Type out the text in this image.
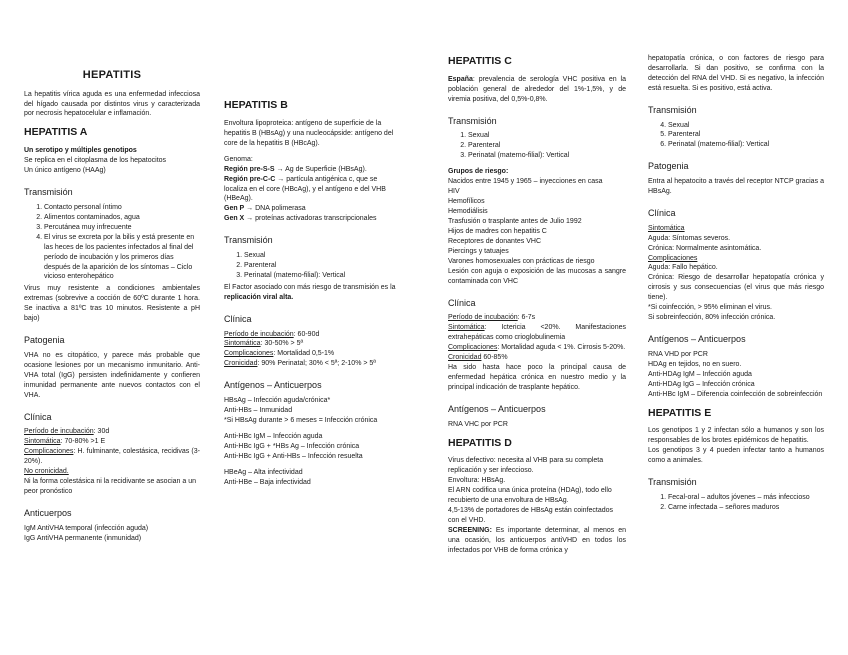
HEPATITIS

La hepatitis vírica aguda es una enfermedad infecciosa del hígado causada por distintos virus y caracterizada por necrosis hepatocelular e inflamación.

HEPATITIS A

Un serotipo y múltiples genotipos

Se replica en el citoplasma de los hepatocitos

Un único antígeno (HAAg)

Transmisión
1. Contacto personal íntimo
2. Alimentos contaminados, agua
3. Percutánea muy infrecuente
4. El virus se excreta por la bilis y está presente en las heces de los pacientes infectados al final del período de incubación y los primeros días después de la aparición de los síntomas – Ciclo vicioso enterohepático

Virus muy resistente a condiciones ambientales extremas (sobrevive a cocción de 60ºC durante 1 hora. Se inactiva a 81ºC tras 10 minutos. Resistente a pH bajo)

Patogenia

VHA no es citopático, y parece más probable que ocasione lesiones por un mecanismo inmunitario. Anti-VHA total (IgG) persisten indefinidamente y confieren inmunidad permanente ante nuevos contactos con el VHA.

Clínica

Período de incubación: 30d

Sintomática: 70-80% >1 E

Complicaciones: H. fulminante, colestásica, recidivas (3-20%).

No cronicidad.

Ni la forma colestásica ni la recidivante se asocian a un peor pronóstico

Anticuerpos

IgM AntiVHA temporal (infección aguda)

IgG AntiVHA permanente (inmunidad)

HEPATITIS B

Envoltura lipoproteica: antígeno de superficie de la hepatitis B (HBsAg) y una nucleocápside: antígeno del core de la hepatitis B (HBcAg).

Genoma:

Región pre-S-S → Ag de Superficie (HBsAg).

Región pre-C-C → partícula antigénica c, que se localiza en el core (HBcAg), y el antígeno e del VHB (HBeAg).

Gen P → DNA polimerasa

Gen X → proteínas activadoras transcripcionales

Transmisión
1. Sexual
2. Parenteral
3. Perinatal (materno-filial): Vertical

El Factor asociado con más riesgo de transmisión es la replicación viral alta.

Clínica

Período de incubación: 60-90d

Sintomática: 30-50% > 5ª

Complicaciones: Mortalidad 0,5-1%

Cronicidad: 90% Perinatal; 30% < 5ª; 2-10% > 5ª

Antígenos – Anticuerpos

HBsAg – Infección aguda/crónica*

Anti-HBs – Inmunidad

*Si HBsAg durante > 6 meses = Infección crónica

Anti-HBc IgM – Infección aguda

Anti-HBc IgG + *HBs Ag – Infección crónica

Anti-HBc IgG + Anti-HBs – Infección resuelta

HBeAg – Alta infectividad

Anti-HBe – Baja infectividad

HEPATITIS C

España: prevalencia de serología VHC positiva en la población general de alrededor del 1%-1,5%, y de viremia positiva, del 0,5%-0,8%.

Transmisión
1. Sexual
2. Parenteral
3. Perinatal (materno-filial): Vertical

Grupos de riesgo:

Nacidos entre 1945 y 1965 – inyecciones en casa

HIV

Hemofílicos

Hemodiálisis

Trasfusión o trasplante antes de Julio 1992

Hijos de madres con hepatitis C

Receptores de donantes VHC

Piercings y tatuajes

Varones homosexuales con prácticas de riesgo

Lesión con aguja o exposición de las mucosas a sangre contaminada con VHC

Clínica

Período de incubación: 6-7s

Sintomática: Ictericia <20%. Manifestaciones extrahepáticas como crioglobulinemia

Complicaciones: Mortalidad aguda < 1%. Cirrosis 5-20%.

Cronicidad 60-85%

Ha sido hasta hace poco la principal causa de enfermedad hepática crónica en nuestro medio y la principal indicación de trasplante hepático.

Antígenos – Anticuerpos

RNA VHC por PCR

HEPATITIS D

Virus defectivo: necesita al VHB para su completa replicación y ser infeccioso.

Envoltura: HBsAg.

El ARN codifica una única proteína (HDAg), todo ello recubierto de una envoltura de HBsAg.

4,5-13% de portadores de HBsAg están coinfectados con el VHD.

SCREENING: Es importante determinar, al menos en una ocasión, los anticuerpos antiVHD en todos los infectados por VHB de forma crónica y

hepatopatía crónica, o con factores de riesgo para desarrollarla. Si dan positivo, se confirma con la detección del RNA del VHD. Si es negativo, la infección está resuelta. Si es positivo, está activa.

Transmisión
4. Sexual
5. Parenteral
6. Perinatal (materno-filial): Vertical
Patogenia

Entra al hepatocito a través del receptor NTCP gracias a HBsAg.

Clínica

Sintomática

Aguda: Síntomas severos.

Crónica: Normalmente asintomática.

Complicaciones

Aguda: Fallo hepático.

Crónica: Riesgo de desarrollar hepatopatía crónica y cirrosis y sus consecuencias (el virus que más riesgo tiene).

*Si coinfección, > 95% eliminan el virus.

Si sobreinfección, 80% infección crónica.

Antígenos – Anticuerpos

RNA VHD por PCR

HDAg en tejidos, no en suero.

Anti-HDAg IgM – Infección aguda

Anti-HDAg IgG – Infección crónica

Anti-HBc IgM – Diferencia coinfección de sobreinfección

HEPATITIS E

Los genotipos 1 y 2 infectan sólo a humanos y son los responsables de los brotes epidémicos de hepatitis.

Los genotipos 3 y 4 pueden infectar tanto a humanos como a animales.

Transmisión
1. Fecal-oral – adultos jóvenes – más infeccioso
2. Carne infectada – señores maduros
